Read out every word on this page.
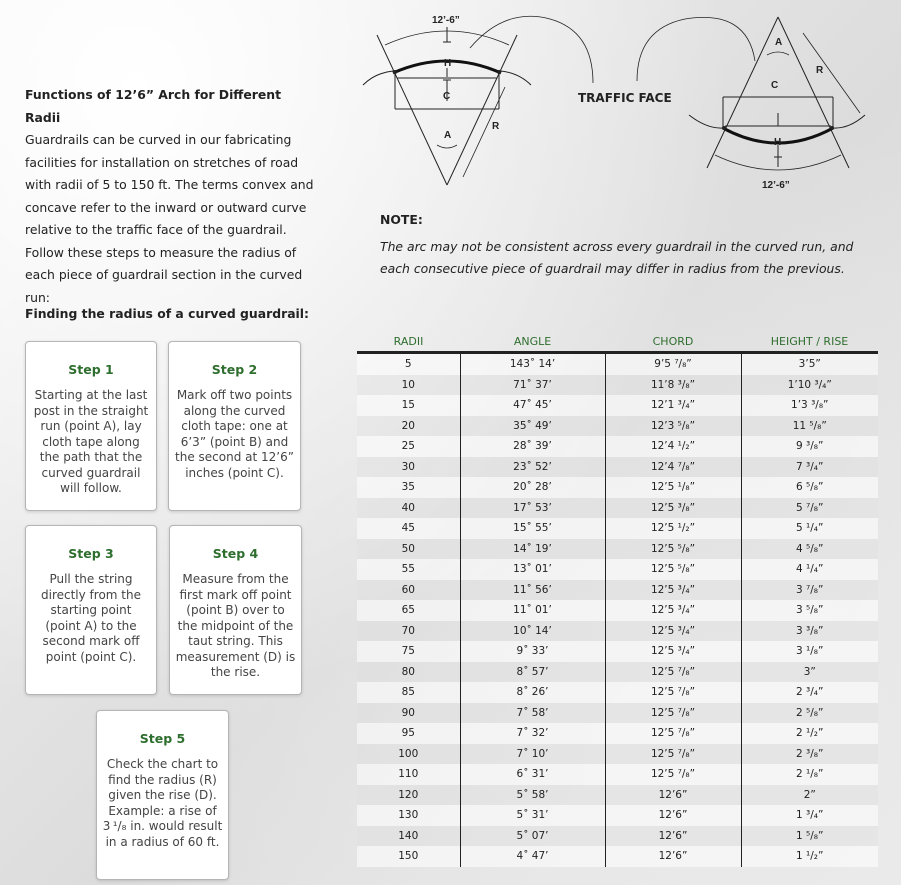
Functions of 12’6” Arch for Different Radii
Guardrails can be curved in our fabricating facilities for installation on stretches of road with radii of 5 to 150 ft. The terms convex and concave refer to the inward or outward curve relative to the traffic face of the guardrail. Follow these steps to measure the radius of each piece of guardrail section in the curved run:
Finding the radius of a curved guardrail:
Step 1
Starting at the last post in the straight run (point A), lay cloth tape along the path that the curved guardrail will follow.
Step 2
Mark off two points along the curved cloth tape: one at 6’3” (point B) and the second at 12’6” inches (point C).
Step 3
Pull the string directly from the starting point (point A) to the second mark off point (point C).
Step 4
Measure from the first mark off point (point B) over to the midpoint of the taut string. This measurement (D) is the rise.
Step 5
Check the chart to find the radius (R) given the rise (D). Example: a rise of 3 ¹/₈ in. would result in a radius of 60 ft.
12’-6”
H
C
A
R
A
R
C
H
12’-6”
TRAFFIC FACE
NOTE:
The arc may not be consistent across every guardrail in the curved run, and each consecutive piece of guardrail may differ in radius from the previous.
RADII	ANGLE	CHORD	HEIGHT / RISE
5	143˚ 14’	9’5 ⁷/₈”	3’5”
10	71˚ 37’	11’8 ³/₈”	1’10 ³/₄”
15	47˚ 45’	12’1 ³/₄”	1’3 ³/₈”
20	35˚ 49’	12’3 ⁵/₈”	11 ⁵/₈”
25	28˚ 39’	12’4 ¹/₂”	9 ³/₈”
30	23˚ 52’	12’4 ⁷/₈”	7 ³/₄”
35	20˚ 28’	12’5 ¹/₈”	6 ⁵/₈”
40	17˚ 53’	12’5 ³/₈”	5 ⁷/₈”
45	15˚ 55’	12’5 ¹/₂”	5 ¹/₄”
50	14˚ 19’	12’5 ⁵/₈”	4 ⁵/₈”
55	13˚ 01’	12’5 ⁵/₈”	4 ¹/₄”
60	11˚ 56’	12’5 ³/₄”	3 ⁷/₈”
65	11˚ 01’	12’5 ³/₄”	3 ⁵/₈”
70	10˚ 14’	12’5 ³/₄”	3 ³/₈”
75	9˚ 33’	12’5 ³/₄”	3 ¹/₈”
80	8˚ 57’	12’5 ⁷/₈”	3”
85	8˚ 26’	12’5 ⁷/₈”	2 ³/₄”
90	7˚ 58’	12’5 ⁷/₈”	2 ⁵/₈”
95	7˚ 32’	12’5 ⁷/₈”	2 ¹/₂”
100	7˚ 10’	12’5 ⁷/₈”	2 ³/₈”
110	6˚ 31’	12’5 ⁷/₈”	2 ¹/₈”
120	5˚ 58’	12’6”	2”
130	5˚ 31’	12’6”	1 ³/₄”
140	5˚ 07’	12’6”	1 ⁵/₈”
150	4˚ 47’	12’6”	1 ¹/₂”
